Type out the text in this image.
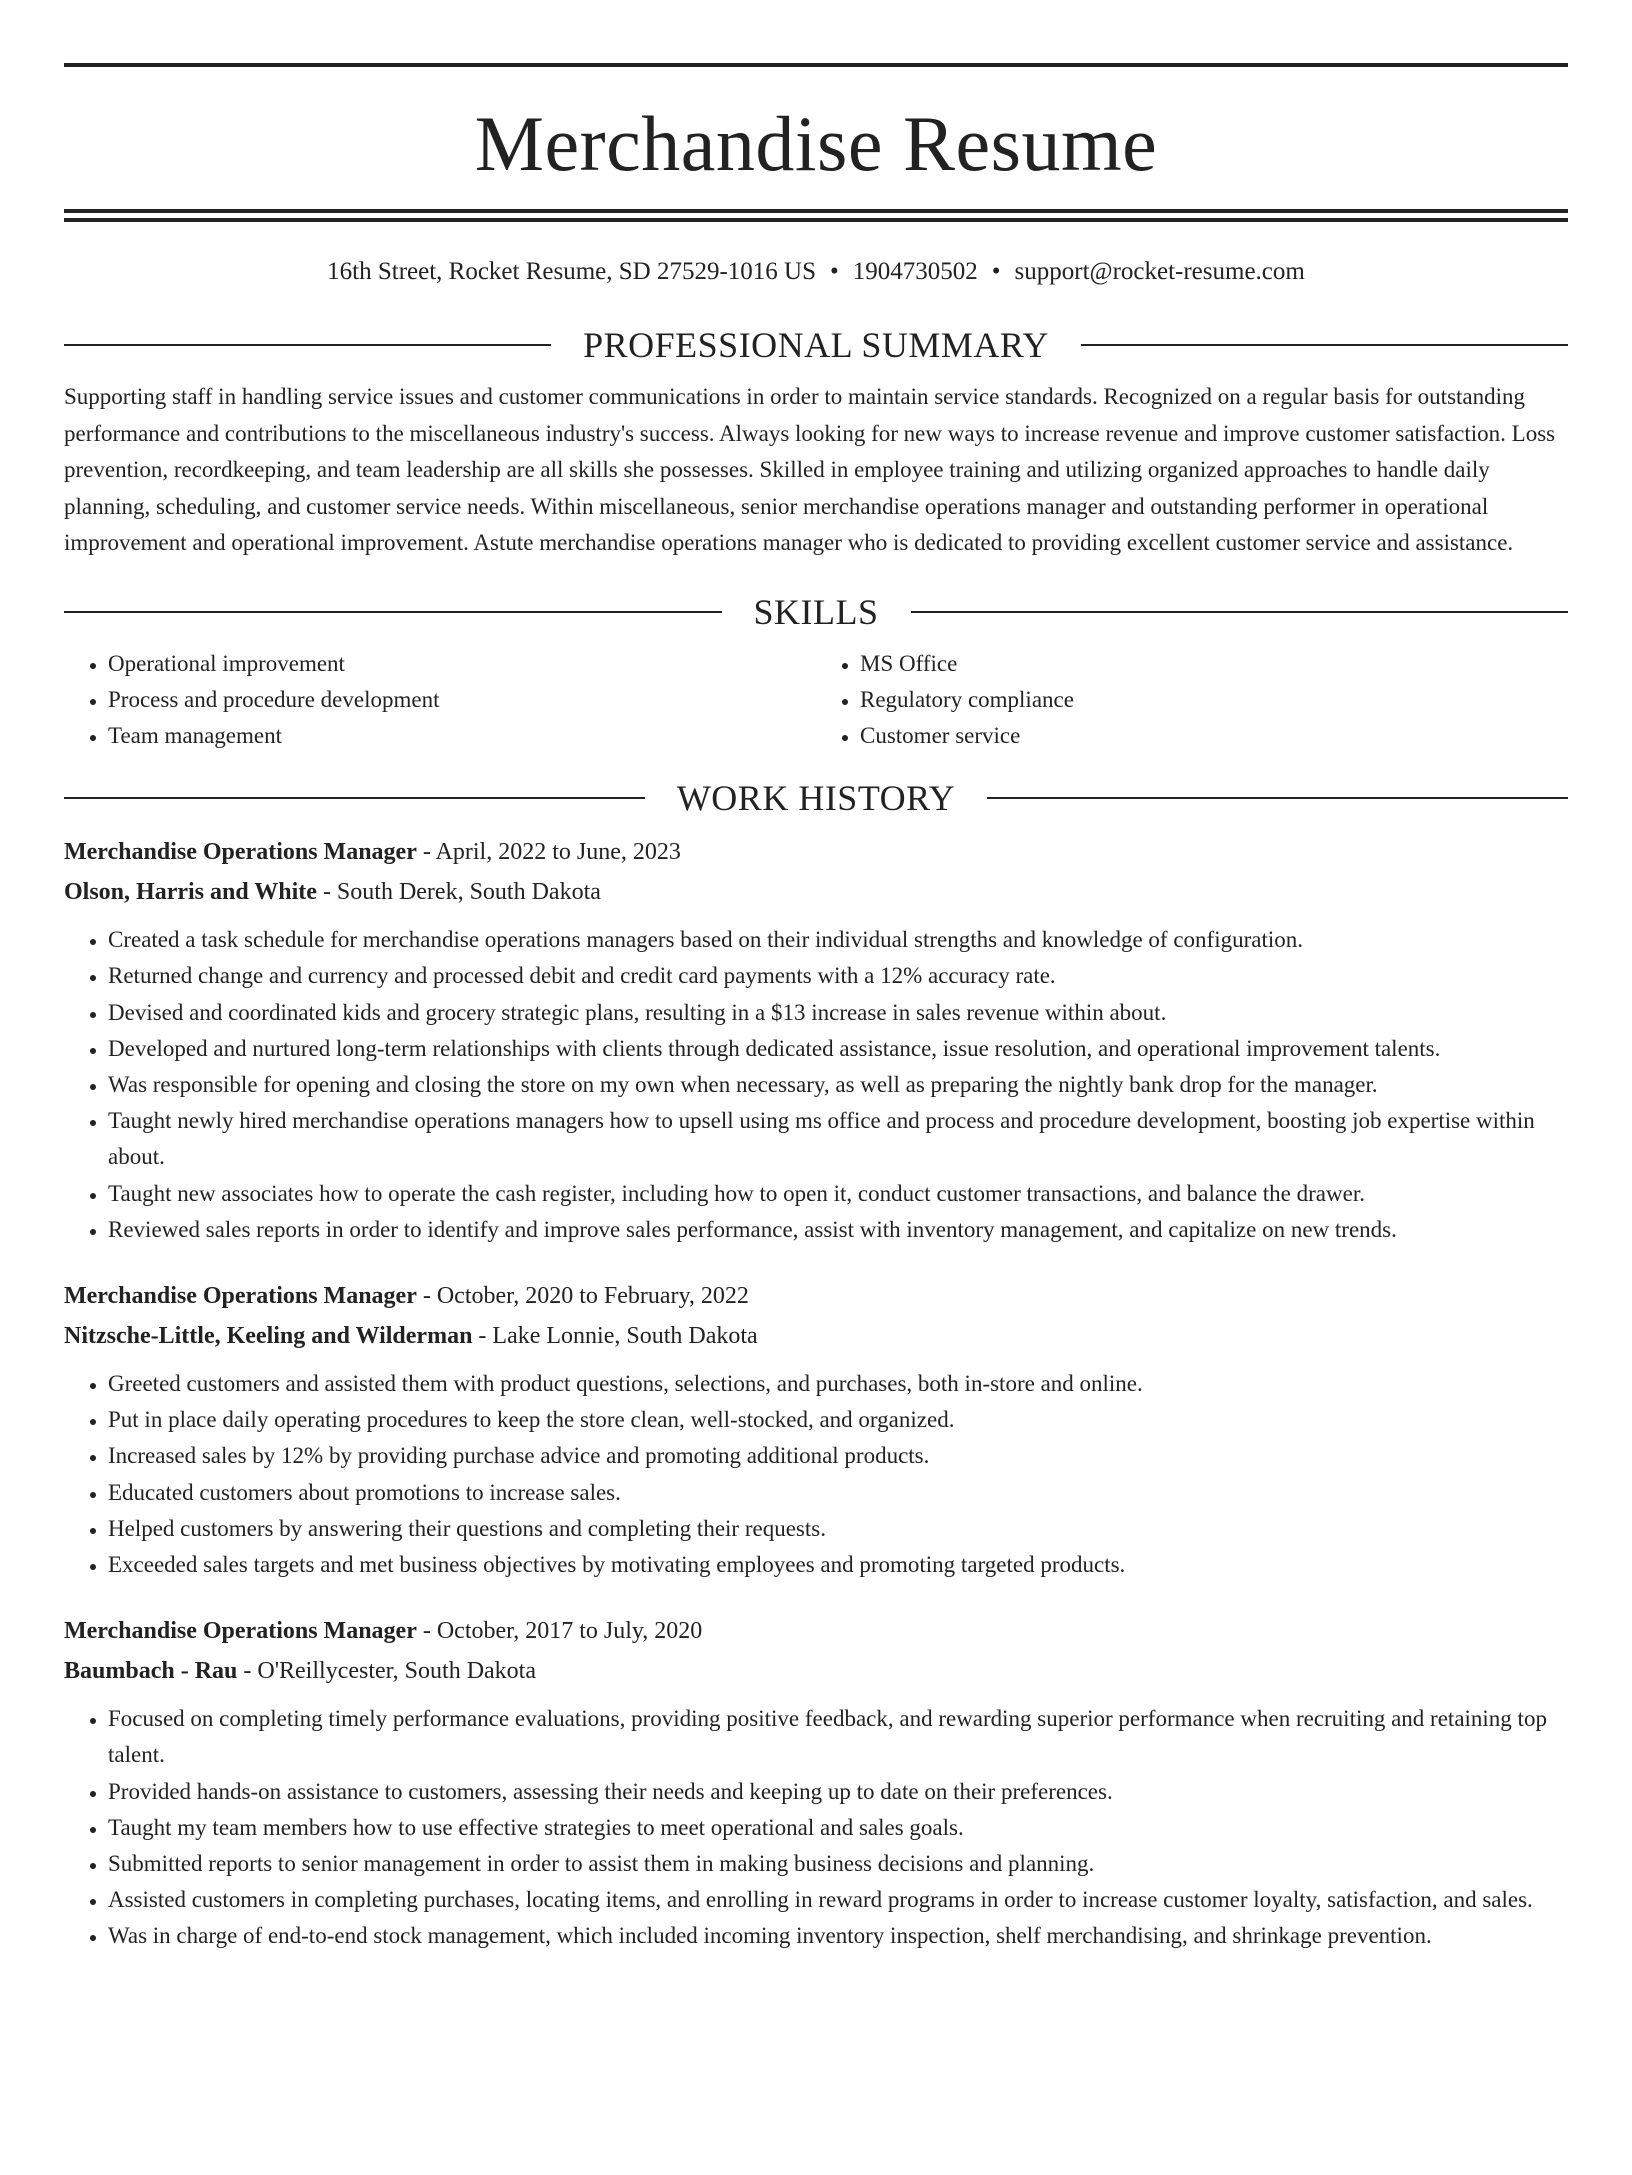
Merchandise Resume
16th Street, Rocket Resume, SD 27529-1016 US • 1904730502 • support@rocket-resume.com
PROFESSIONAL SUMMARY
Supporting staff in handling service issues and customer communications in order to maintain service standards. Recognized on a regular basis for outstanding performance and contributions to the miscellaneous industry's success. Always looking for new ways to increase revenue and improve customer satisfaction. Loss prevention, recordkeeping, and team leadership are all skills she possesses. Skilled in employee training and utilizing organized approaches to handle daily planning, scheduling, and customer service needs. Within miscellaneous, senior merchandise operations manager and outstanding performer in operational improvement and operational improvement. Astute merchandise operations manager who is dedicated to providing excellent customer service and assistance.
SKILLS
• Operational improvement
• Process and procedure development
• Team management
• MS Office
• Regulatory compliance
• Customer service
WORK HISTORY
Merchandise Operations Manager - April, 2022 to June, 2023
Olson, Harris and White - South Derek, South Dakota
• Created a task schedule for merchandise operations managers based on their individual strengths and knowledge of configuration.
• Returned change and currency and processed debit and credit card payments with a 12% accuracy rate.
• Devised and coordinated kids and grocery strategic plans, resulting in a $13 increase in sales revenue within about.
• Developed and nurtured long-term relationships with clients through dedicated assistance, issue resolution, and operational improvement talents.
• Was responsible for opening and closing the store on my own when necessary, as well as preparing the nightly bank drop for the manager.
• Taught newly hired merchandise operations managers how to upsell using ms office and process and procedure development, boosting job expertise within about.
• Taught new associates how to operate the cash register, including how to open it, conduct customer transactions, and balance the drawer.
• Reviewed sales reports in order to identify and improve sales performance, assist with inventory management, and capitalize on new trends.
Merchandise Operations Manager - October, 2020 to February, 2022
Nitzsche-Little, Keeling and Wilderman - Lake Lonnie, South Dakota
• Greeted customers and assisted them with product questions, selections, and purchases, both in-store and online.
• Put in place daily operating procedures to keep the store clean, well-stocked, and organized.
• Increased sales by 12% by providing purchase advice and promoting additional products.
• Educated customers about promotions to increase sales.
• Helped customers by answering their questions and completing their requests.
• Exceeded sales targets and met business objectives by motivating employees and promoting targeted products.
Merchandise Operations Manager - October, 2017 to July, 2020
Baumbach - Rau - O'Reillycester, South Dakota
• Focused on completing timely performance evaluations, providing positive feedback, and rewarding superior performance when recruiting and retaining top talent.
• Provided hands-on assistance to customers, assessing their needs and keeping up to date on their preferences.
• Taught my team members how to use effective strategies to meet operational and sales goals.
• Submitted reports to senior management in order to assist them in making business decisions and planning.
• Assisted customers in completing purchases, locating items, and enrolling in reward programs in order to increase customer loyalty, satisfaction, and sales.
• Was in charge of end-to-end stock management, which included incoming inventory inspection, shelf merchandising, and shrinkage prevention.
